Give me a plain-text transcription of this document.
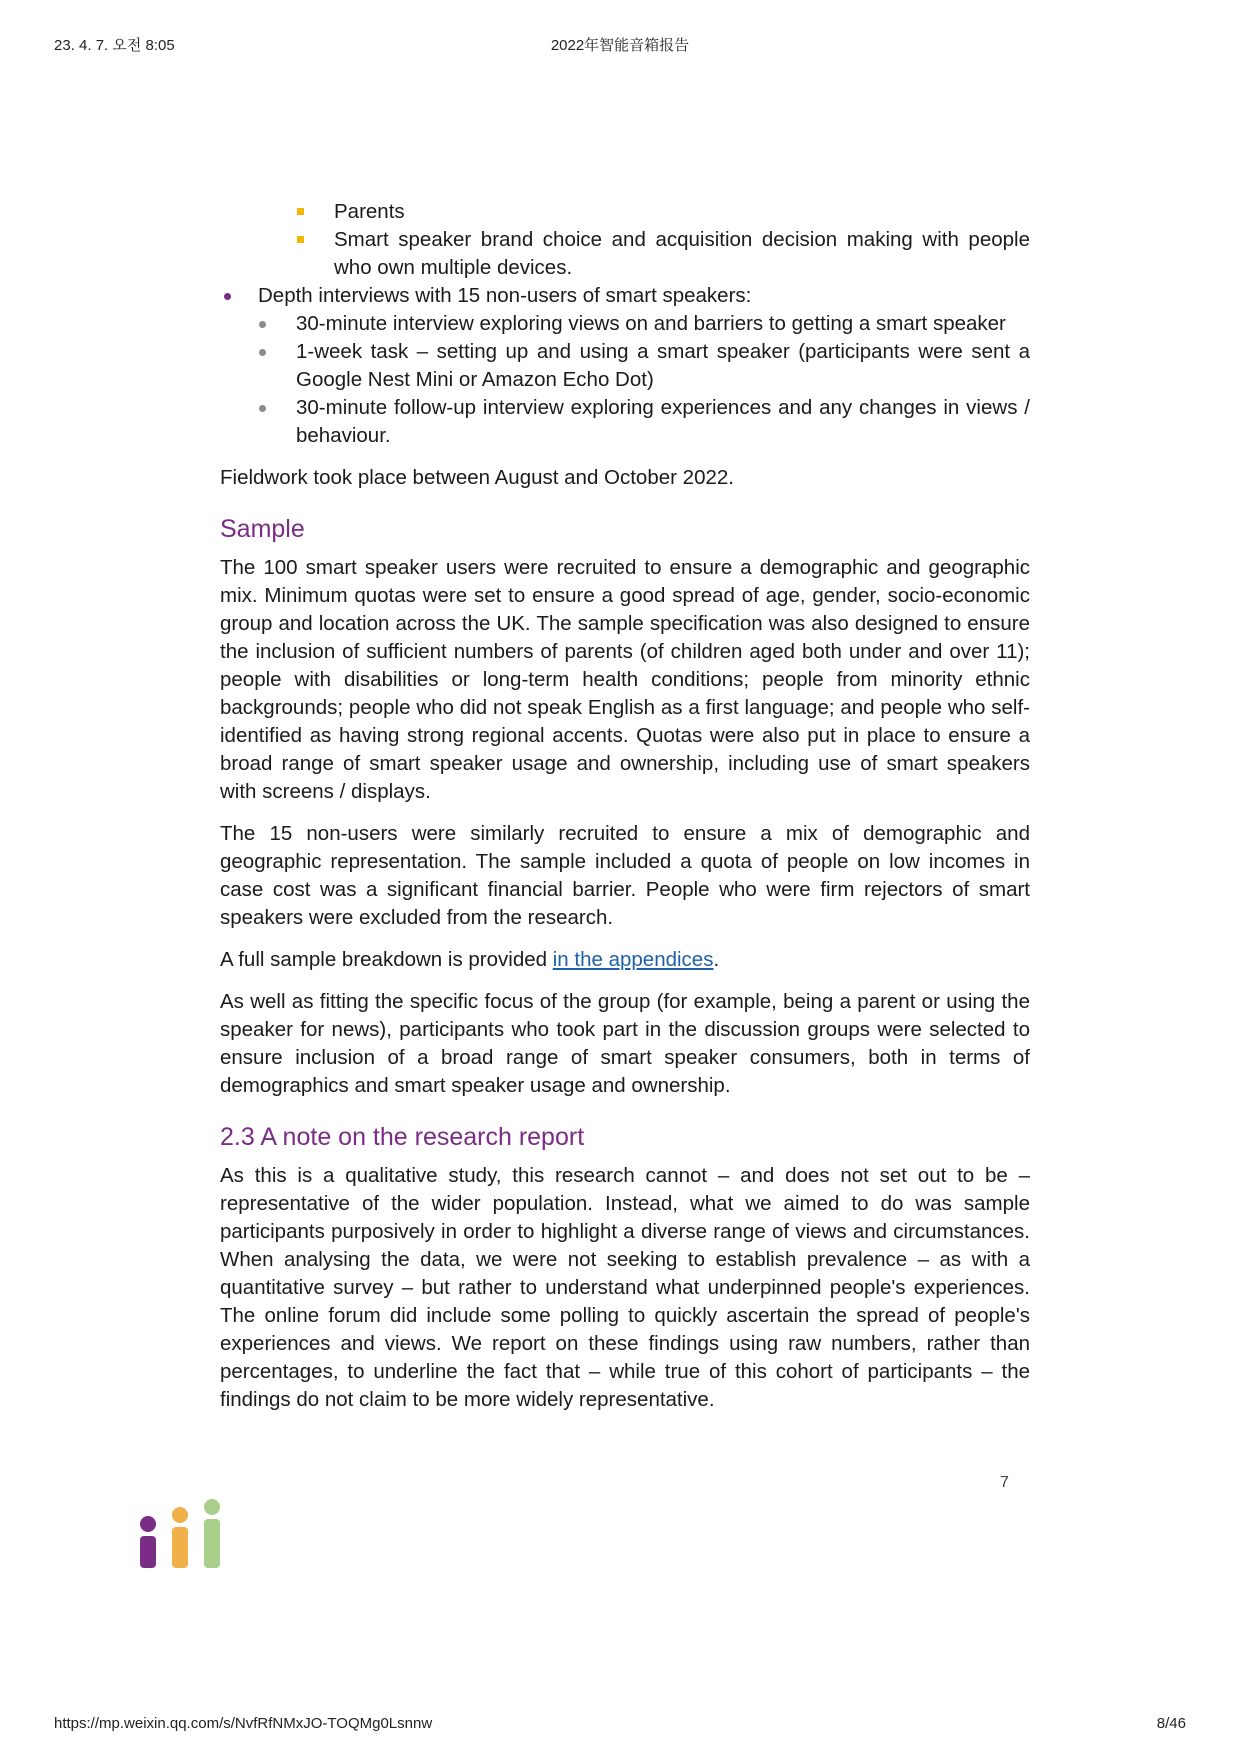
23. 4. 7. 오전 8:05	2022年智能音箱报告
Parents
Smart speaker brand choice and acquisition decision making with people who own multiple devices.
Depth interviews with 15 non-users of smart speakers:
30-minute interview exploring views on and barriers to getting a smart speaker
1-week task – setting up and using a smart speaker (participants were sent a Google Nest Mini or Amazon Echo Dot)
30-minute follow-up interview exploring experiences and any changes in views / behaviour.

Fieldwork took place between August and October 2022.

Sample

The 100 smart speaker users were recruited to ensure a demographic and geographic mix. Minimum quotas were set to ensure a good spread of age, gender, socio-economic group and location across the UK. The sample specification was also designed to ensure the inclusion of sufficient numbers of parents (of children aged both under and over 11); people with disabilities or long-term health conditions; people from minority ethnic backgrounds; people who did not speak English as a first language; and people who self-identified as having strong regional accents. Quotas were also put in place to ensure a broad range of smart speaker usage and ownership, including use of smart speakers with screens / displays.

The 15 non-users were similarly recruited to ensure a mix of demographic and geographic representation. The sample included a quota of people on low incomes in case cost was a significant financial barrier. People who were firm rejectors of smart speakers were excluded from the research.

A full sample breakdown is provided in the appendices.

As well as fitting the specific focus of the group (for example, being a parent or using the speaker for news), participants who took part in the discussion groups were selected to ensure inclusion of a broad range of smart speaker consumers, both in terms of demographics and smart speaker usage and ownership.

2.3 A note on the research report

As this is a qualitative study, this research cannot – and does not set out to be – representative of the wider population. Instead, what we aimed to do was sample participants purposively in order to highlight a diverse range of views and circumstances. When analysing the data, we were not seeking to establish prevalence – as with a quantitative survey – but rather to understand what underpinned people's experiences. The online forum did include some polling to quickly ascertain the spread of people's experiences and views. We report on these findings using raw numbers, rather than percentages, to underline the fact that – while true of this cohort of participants – the findings do not claim to be more widely representative.

7
https://mp.weixin.qq.com/s/NvfRfNMxJO-TOQMg0Lsnnw	8/46
